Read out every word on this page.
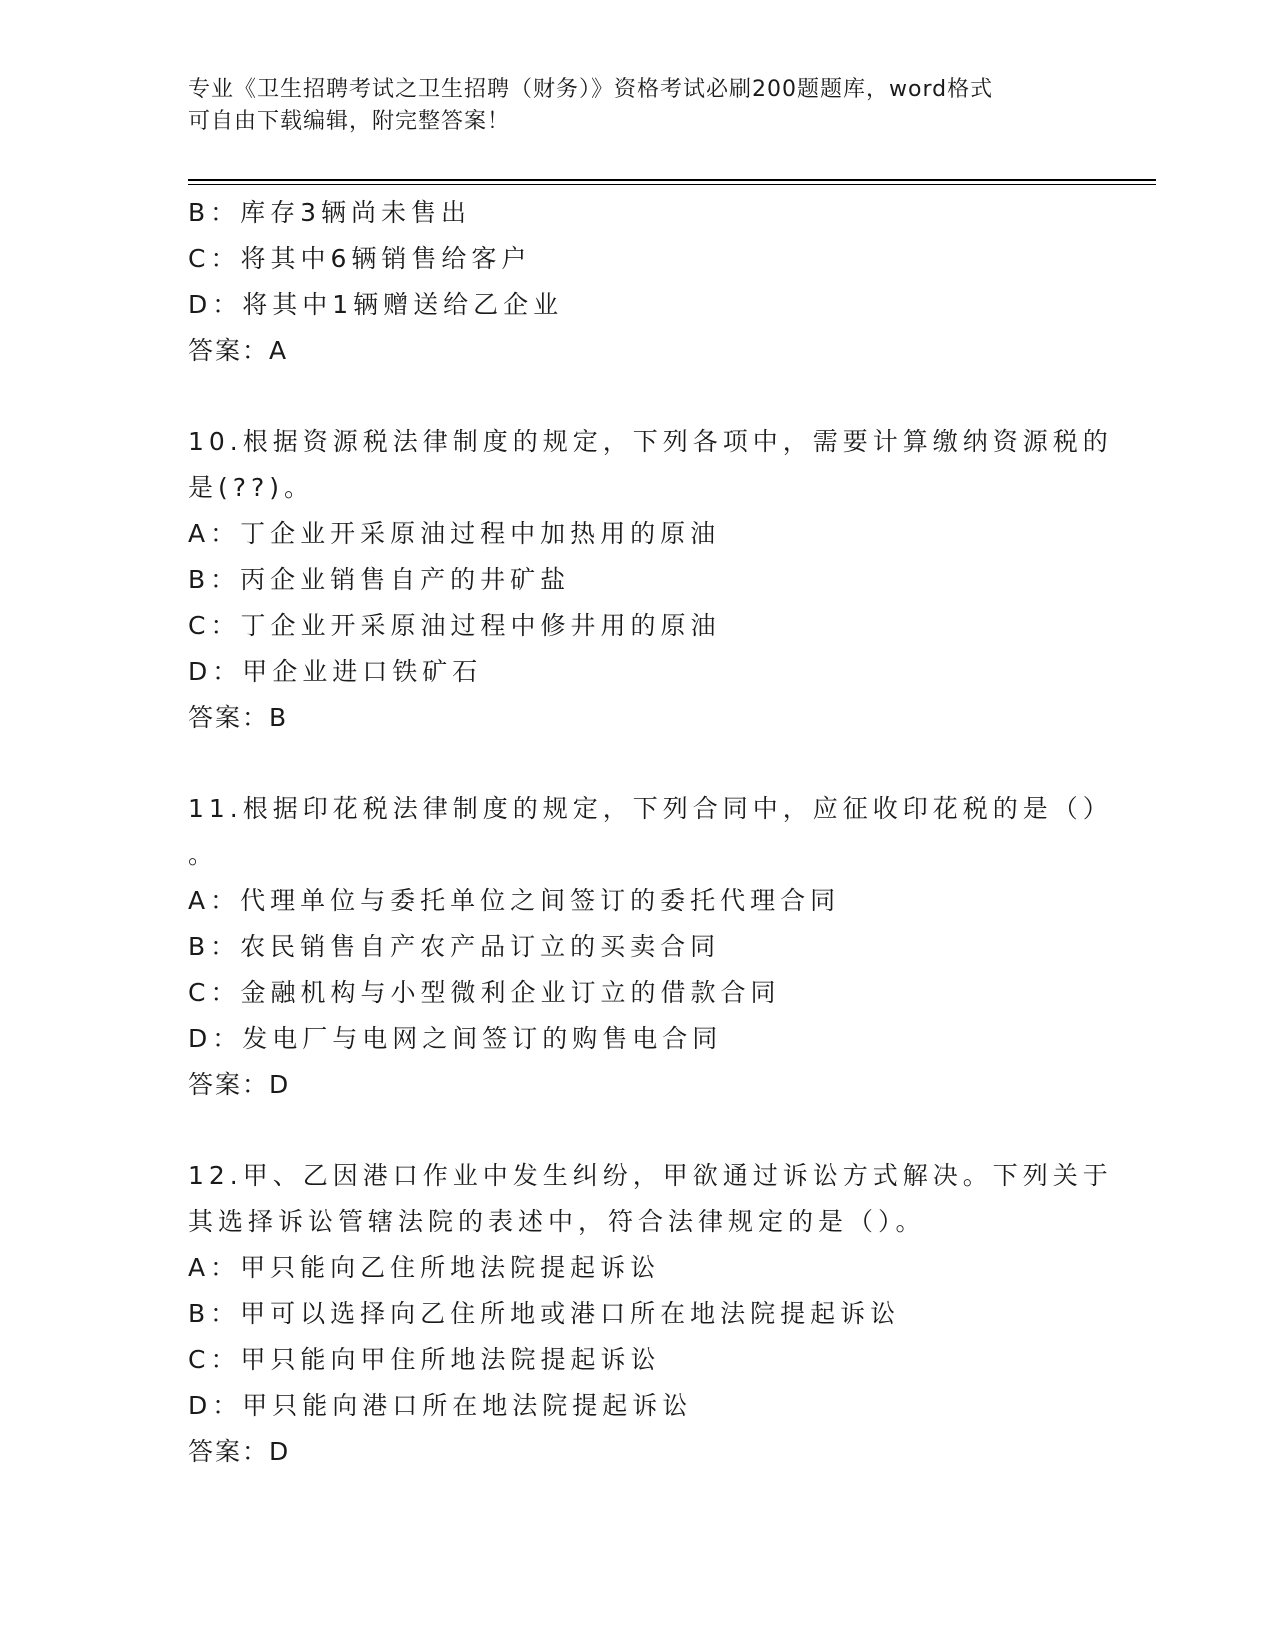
专业《卫生招聘考试之卫生招聘（财务）》资格考试必刷200题题库，word格式
可自由下载编辑，附完整答案！
B：库存3辆尚未售出
C：将其中6辆销售给客户
D：将其中1辆赠送给乙企业
答案：A
10.根据资源税法律制度的规定，下列各项中，需要计算缴纳资源税的
是(??)。
A：丁企业开采原油过程中加热用的原油
B：丙企业销售自产的井矿盐
C：丁企业开采原油过程中修井用的原油
D：甲企业进口铁矿石
答案：B
11.根据印花税法律制度的规定，下列合同中，应征收印花税的是（）
。
A：代理单位与委托单位之间签订的委托代理合同
B：农民销售自产农产品订立的买卖合同
C：金融机构与小型微利企业订立的借款合同
D：发电厂与电网之间签订的购售电合同
答案：D
12.甲、乙因港口作业中发生纠纷，甲欲通过诉讼方式解决。下列关于
其选择诉讼管辖法院的表述中，符合法律规定的是（）。
A：甲只能向乙住所地法院提起诉讼
B：甲可以选择向乙住所地或港口所在地法院提起诉讼
C：甲只能向甲住所地法院提起诉讼
D：甲只能向港口所在地法院提起诉讼
答案：D
